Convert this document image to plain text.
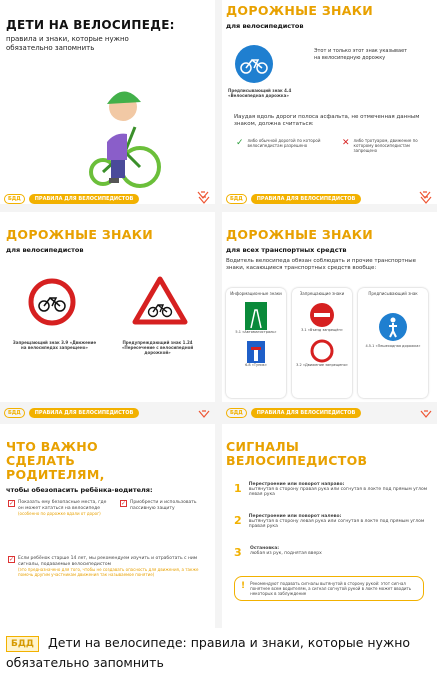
ДЕТИ НА ВЕЛОСИПЕДЕ:
правила и знаки, которые нужно обязательно запомнить
ДОРОЖНЫЕ ЗНАКИ
для велосипедистов
Этот и только этот знак указывает на велосипедную дорожку
Предписывающий знак 4.4 «Велосипедная дорожка»
Иаудая вдоль дороги полоса асфальта, не отмеченная данным знаком, должна считаться:
✓ либо обычной дорогой по которой велосипедистам разрешено	✕ либо тротуаром, движение по которому велосипедистам запрещено
БДД	ПРАВИЛА ДЛЯ ВЕЛОСИПЕДИСТОВ	БДД	ПРАВИЛА ДЛЯ ВЕЛОСИПЕДИСТОВ
ДОРОЖНЫЕ ЗНАКИ
для велосипедистов
Запрещающий знак 3.9 «Движение на велосипедах запрещено»
Предупреждающий знак 1.24 «Пересечение с велосипедной дорожкой»
ДОРОЖНЫЕ ЗНАКИ
для всех транспортных средств
Водитель велосипеда обязан соблюдать и прочие транспортные знаки, касающиеся транспортных средств вообще:
Информационные знаки
5.1 «Автомагистраль»
6.8 «Тупик»
Запрещающие знаки
3.1 «Въезд запрещён»
3.2 «Движение запрещено»
Предписывающий знак
4.5.1 «Пешеходная дорожка»
БДД	ПРАВИЛА ДЛЯ ВЕЛОСИПЕДИСТОВ	БДД	ПРАВИЛА ДЛЯ ВЕЛОСИПЕДИСТОВ
ЧТО ВАЖНО СДЕЛАТЬ РОДИТЕЛЯМ,
чтобы обезопасить ребёнка-водителя:
✓ Показать ему безопасные места, где он может кататься на велосипеде
(особенно по дорожке вдали от дорог)
✓ Приобрести и использовать пассивную защиту
✓ Если ребёнок старше 14 лет, мы рекомендуем изучить и отработать с ним сигналы, подаваемые велосипедистом
(это предназначено для того, чтобы не создавать опасность для движения, а также помочь другим участникам движения так называемое понятие)
СИГНАЛЫ ВЕЛОСИПЕДИСТОВ
1 Перестроение или поворот направо:
вытянутая в сторону правая рука или согнутая в локте под прямым углом левая рука
2 Перестроение или поворот налево:
вытянутая в сторону левая рука или согнутая в локте под прямым углом правая рука
3	Остановка:
любая из рук, поднятая вверх
! Рекомендуют подавать сигналы вытянутой в сторону рукой: этот сигнал понятнее всем водителям, а сигнал согнутой рукой в локте может вводить некоторых в заблуждение
БДД	Дети на велосипеде: правила и знаки, которые нужно
обязательно запомнить
